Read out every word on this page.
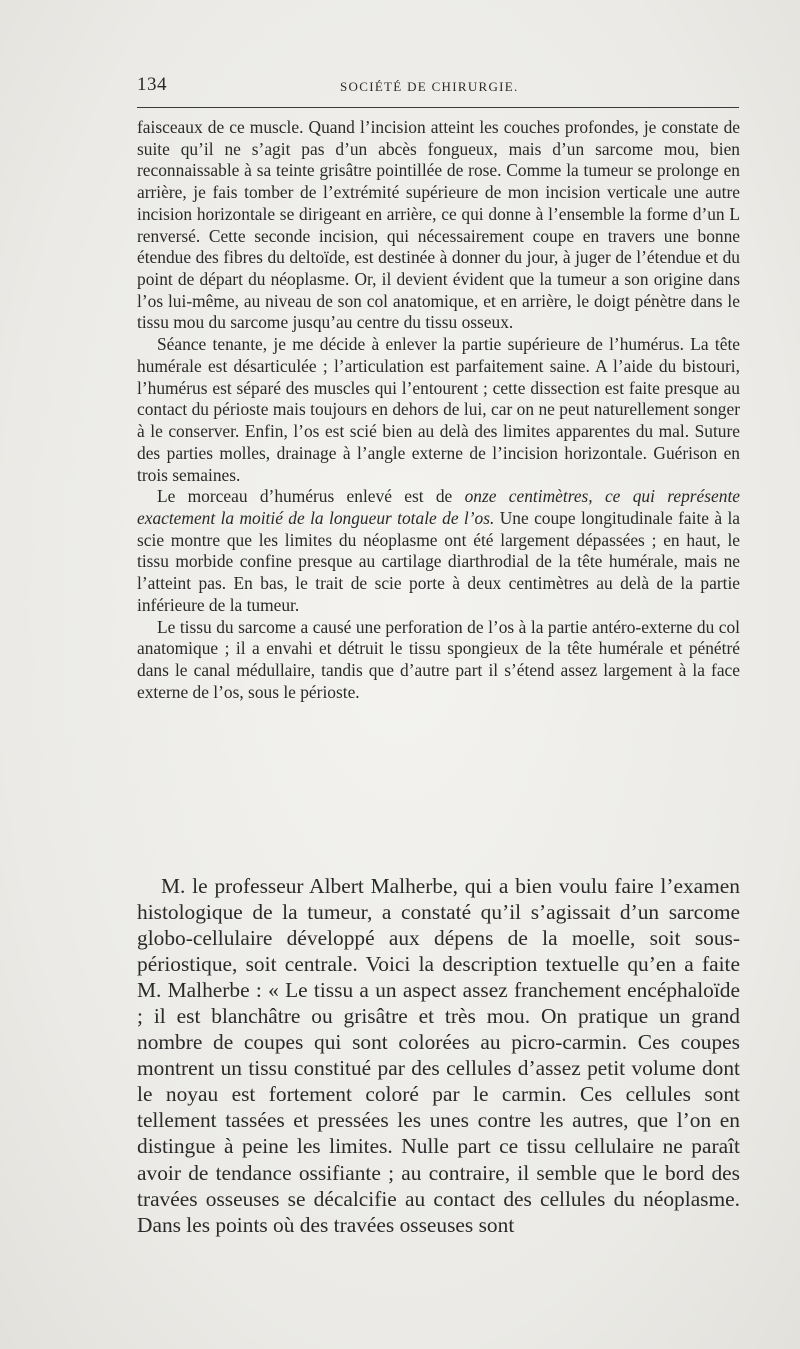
134	SOCIÉTÉ DE CHIRURGIE.

faisceaux de ce muscle. Quand l’incision atteint les couches profondes, je constate de suite qu’il ne s’agit pas d’un abcès fongueux, mais d’un sarcome mou, bien reconnaissable à sa teinte grisâtre pointillée de rose. Comme la tumeur se prolonge en arrière, je fais tomber de l’extrémité supérieure de mon incision verticale une autre incision horizontale se dirigeant en arrière, ce qui donne à l’ensemble la forme d’un L renversé. Cette seconde incision, qui nécessairement coupe en travers une bonne étendue des fibres du deltoïde, est destinée à donner du jour, à juger de l’étendue et du point de départ du néoplasme. Or, il devient évident que la tumeur a son origine dans l’os lui-même, au niveau de son col anatomique, et en arrière, le doigt pénètre dans le tissu mou du sarcome jusqu’au centre du tissu osseux.

Séance tenante, je me décide à enlever la partie supérieure de l’humérus. La tête humérale est désarticulée ; l’articulation est parfaitement saine. A l’aide du bistouri, l’humérus est séparé des muscles qui l’entourent ; cette dissection est faite presque au contact du périoste mais toujours en dehors de lui, car on ne peut naturellement songer à le conserver. Enfin, l’os est scié bien au delà des limites apparentes du mal. Suture des parties molles, drainage à l’angle externe de l’incision horizontale. Guérison en trois semaines.

Le morceau d’humérus enlevé est de onze centimètres, ce qui représente exactement la moitié de la longueur totale de l’os. Une coupe longitudinale faite à la scie montre que les limites du néoplasme ont été largement dépassées ; en haut, le tissu morbide confine presque au cartilage diarthrodial de la tête humérale, mais ne l’atteint pas. En bas, le trait de scie porte à deux centimètres au delà de la partie inférieure de la tumeur.

Le tissu du sarcome a causé une perforation de l’os à la partie antéro-externe du col anatomique ; il a envahi et détruit le tissu spongieux de la tête humérale et pénétré dans le canal médullaire, tandis que d’autre part il s’étend assez largement à la face externe de l’os, sous le périoste.

M. le professeur Albert Malherbe, qui a bien voulu faire l’examen histologique de la tumeur, a constaté qu’il s’agissait d’un sarcome globo-cellulaire développé aux dépens de la moelle, soit sous-périostique, soit centrale. Voici la description textuelle qu’en a faite M. Malherbe : « Le tissu a un aspect assez franchement encéphaloïde ; il est blanchâtre ou grisâtre et très mou. On pratique un grand nombre de coupes qui sont colorées au picro-carmin. Ces coupes montrent un tissu constitué par des cellules d’assez petit volume dont le noyau est fortement coloré par le carmin. Ces cellules sont tellement tassées et pressées les unes contre les autres, que l’on en distingue à peine les limites. Nulle part ce tissu cellulaire ne paraît avoir de tendance ossifiante ; au contraire, il semble que le bord des travées osseuses se décalcifie au contact des cellules du néoplasme. Dans les points où des travées osseuses sont
